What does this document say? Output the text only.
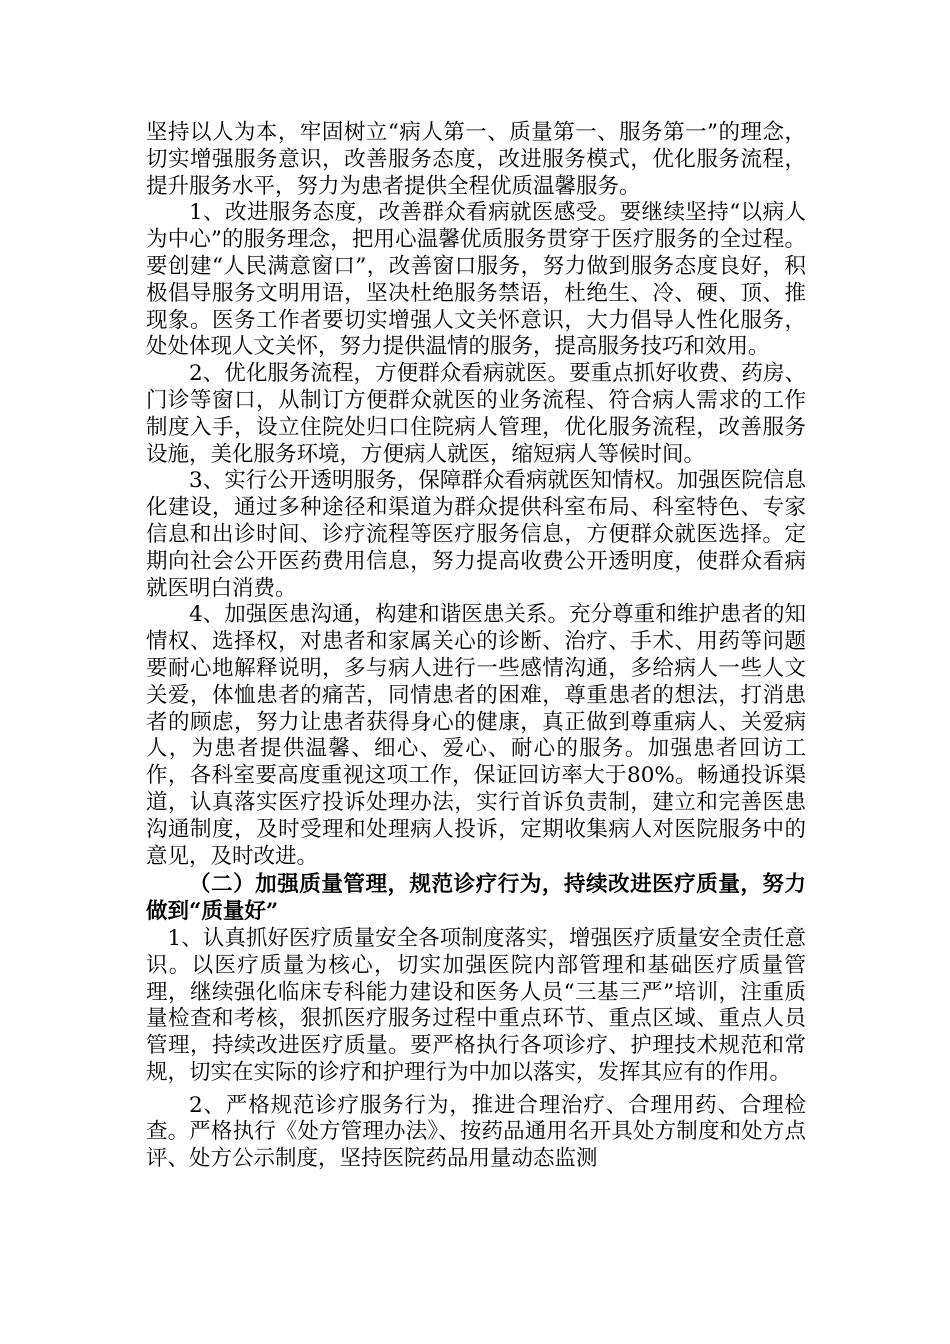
坚持以人为本，牢固树立“病人第一、质量第一、服务第一”的理念，切实增强服务意识，改善服务态度，改进服务模式，优化服务流程，提升服务水平，努力为患者提供全程优质温馨服务。

1、改进服务态度，改善群众看病就医感受。要继续坚持“以病人为中心”的服务理念，把用心温馨优质服务贯穿于医疗服务的全过程。要创建“人民满意窗口”，改善窗口服务，努力做到服务态度良好，积极倡导服务文明用语，坚决杜绝服务禁语，杜绝生、冷、硬、顶、推现象。医务工作者要切实增强人文关怀意识，大力倡导人性化服务，处处体现人文关怀，努力提供温情的服务，提高服务技巧和效用。

2、优化服务流程，方便群众看病就医。要重点抓好收费、药房、门诊等窗口，从制订方便群众就医的业务流程、符合病人需求的工作制度入手，设立住院处归口住院病人管理，优化服务流程，改善服务设施，美化服务环境，方便病人就医，缩短病人等候时间。

3、实行公开透明服务，保障群众看病就医知情权。加强医院信息化建设，通过多种途径和渠道为群众提供科室布局、科室特色、专家信息和出诊时间、诊疗流程等医疗服务信息，方便群众就医选择。定期向社会公开医药费用信息，努力提高收费公开透明度，使群众看病就医明白消费。

4、加强医患沟通，构建和谐医患关系。充分尊重和维护患者的知情权、选择权，对患者和家属关心的诊断、治疗、手术、用药等问题要耐心地解释说明，多与病人进行一些感情沟通，多给病人一些人文关爱，体恤患者的痛苦，同情患者的困难，尊重患者的想法，打消患者的顾虑，努力让患者获得身心的健康，真正做到尊重病人、关爱病人，为患者提供温馨、细心、爱心、耐心的服务。加强患者回访工作，各科室要高度重视这项工作，保证回访率大于80%。畅通投诉渠道，认真落实医疗投诉处理办法，实行首诉负责制，建立和完善医患沟通制度，及时受理和处理病人投诉，定期收集病人对医院服务中的意见，及时改进。

（二）加强质量管理，规范诊疗行为，持续改进医疗质量，努力做到“质量好”

1、认真抓好医疗质量安全各项制度落实，增强医疗质量安全责任意识。以医疗质量为核心，切实加强医院内部管理和基础医疗质量管理，继续强化临床专科能力建设和医务人员“三基三严”培训，注重质量检查和考核，狠抓医疗服务过程中重点环节、重点区域、重点人员管理，持续改进医疗质量。要严格执行各项诊疗、护理技术规范和常规，切实在实际的诊疗和护理行为中加以落实，发挥其应有的作用。

2、严格规范诊疗服务行为，推进合理治疗、合理用药、合理检查。严格执行《处方管理办法》、按药品通用名开具处方制度和处方点评、处方公示制度，坚持医院药品用量动态监测
